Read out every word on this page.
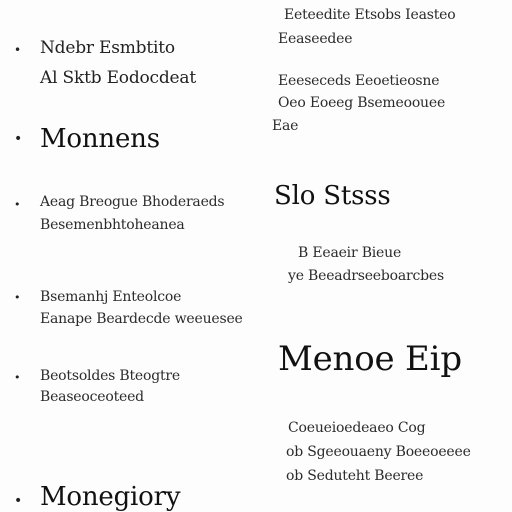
• Ndebr Esmbtito
Al Sktb Eodocdeat
• Monnens
• Aeag Breogue Bhoderaeds
Besemenbhtoheanea
• Bsemanhj Enteolcoe
Eanape Beardecde weeuesee
• Beotsoldes Bteogtre
Beaseoceoteed
• Monegiory
Eeteedite Etsobs Ieasteo
Eeaseedee
Eeeseceds Eeoetieosne
Oeo Eoeeg Bsemeoouee
Eae
Slo Stsss
B Eeaeir Bieue
ye Beeadrseeboarcbes
Menoe Eip
Coeueioedeaeo Cog
ob Sgeeouaeny Boeeoeeee
ob Seduteht Beeree
